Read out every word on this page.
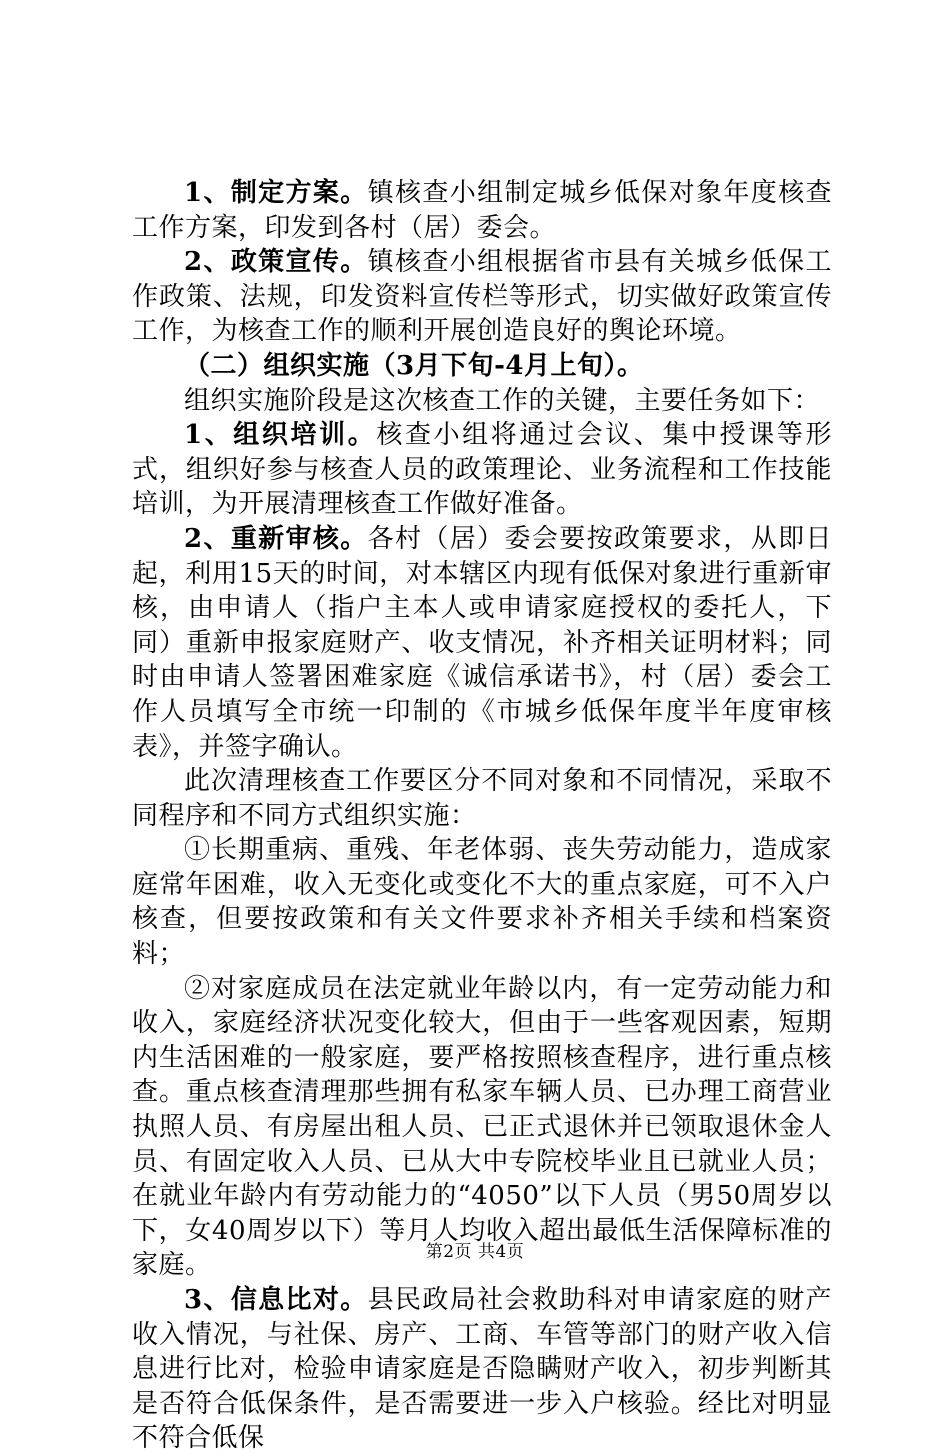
1、制定方案。镇核查小组制定城乡低保对象年度核查工作方案，印发到各村（居）委会。

2、政策宣传。镇核查小组根据省市县有关城乡低保工作政策、法规，印发资料宣传栏等形式，切实做好政策宣传工作，为核查工作的顺利开展创造良好的舆论环境。

（二）组织实施（3月下旬-4月上旬）。

组织实施阶段是这次核查工作的关键，主要任务如下：

1、组织培训。核查小组将通过会议、集中授课等形式，组织好参与核查人员的政策理论、业务流程和工作技能培训，为开展清理核查工作做好准备。

2、重新审核。各村（居）委会要按政策要求，从即日起，利用15天的时间，对本辖区内现有低保对象进行重新审核，由申请人（指户主本人或申请家庭授权的委托人，下同）重新申报家庭财产、收支情况，补齐相关证明材料；同时由申请人签署困难家庭《诚信承诺书》，村（居）委会工作人员填写全市统一印制的《市城乡低保年度半年度审核表》，并签字确认。

此次清理核查工作要区分不同对象和不同情况，采取不同程序和不同方式组织实施：

①长期重病、重残、年老体弱、丧失劳动能力，造成家庭常年困难，收入无变化或变化不大的重点家庭，可不入户核查，但要按政策和有关文件要求补齐相关手续和档案资料；

②对家庭成员在法定就业年龄以内，有一定劳动能力和收入，家庭经济状况变化较大，但由于一些客观因素，短期内生活困难的一般家庭，要严格按照核查程序，进行重点核查。重点核查清理那些拥有私家车辆人员、已办理工商营业执照人员、有房屋出租人员、已正式退休并已领取退休金人员、有固定收入人员、已从大中专院校毕业且已就业人员；在就业年龄内有劳动能力的“4050”以下人员（男50周岁以下，女40周岁以下）等月人均收入超出最低生活保障标准的家庭。

3、信息比对。县民政局社会救助科对申请家庭的财产收入情况，与社保、房产、工商、车管等部门的财产收入信息进行比对，检验申请家庭是否隐瞒财产收入，初步判断其是否符合低保条件，是否需要进一步入户核验。经比对明显不符合低保

第2页 共4页
